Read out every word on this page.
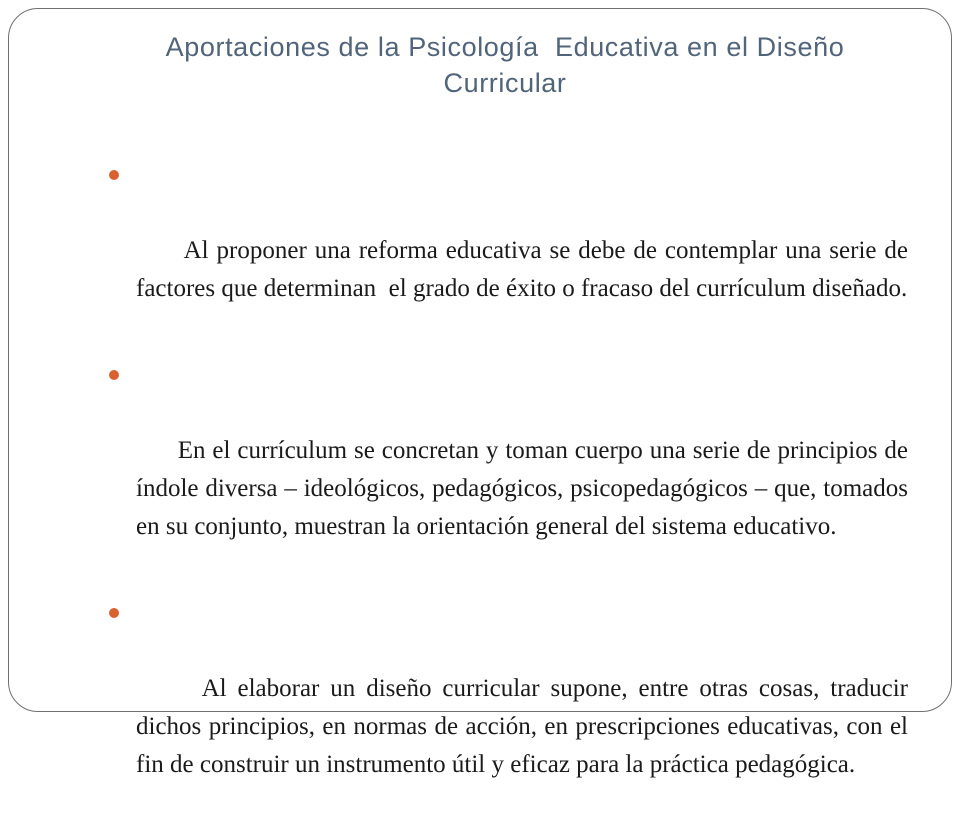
Aportaciones de la Psicología  Educativa en el Diseño Curricular

Al proponer una reforma educativa se debe de contemplar una serie de factores que determinan  el grado de éxito o fracaso del currículum diseñado.

En el currículum se concretan y toman cuerpo una serie de principios de índole diversa – ideológicos, pedagógicos, psicopedagógicos – que, tomados en su conjunto, muestran la orientación general del sistema educativo.

Al elaborar un diseño curricular supone, entre otras cosas, traducir dichos principios, en normas de acción, en prescripciones educativas, con el fin de construir un instrumento útil y eficaz para la práctica pedagógica.
